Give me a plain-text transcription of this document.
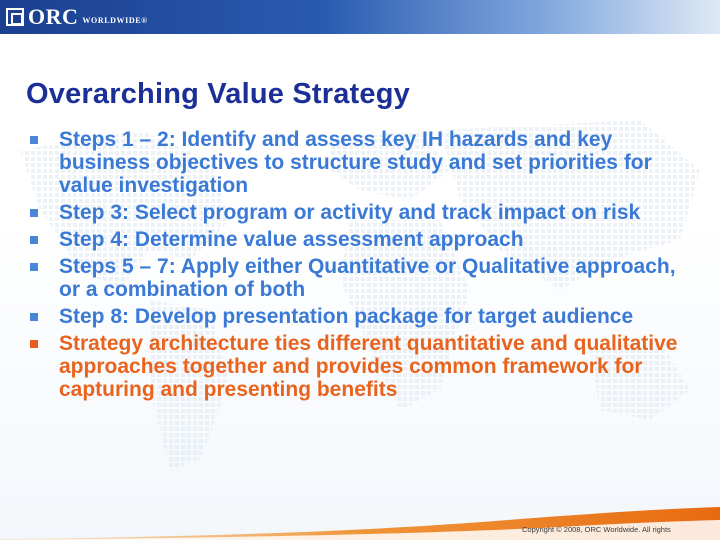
ORC WORLDWIDE®
Overarching Value Strategy
Steps 1 – 2: Identify and assess key IH hazards and key business objectives to structure study and set priorities for value investigation
Step 3: Select program or activity and track impact on risk
Step 4: Determine value assessment approach
Steps 5 – 7: Apply either Quantitative or Qualitative approach, or a combination of both
Step 8: Develop presentation package for target audience
Strategy architecture ties different quantitative and qualitative approaches together and provides common framework for capturing and presenting benefits
Copyright © 2008, ORC Worldwide. All rights
